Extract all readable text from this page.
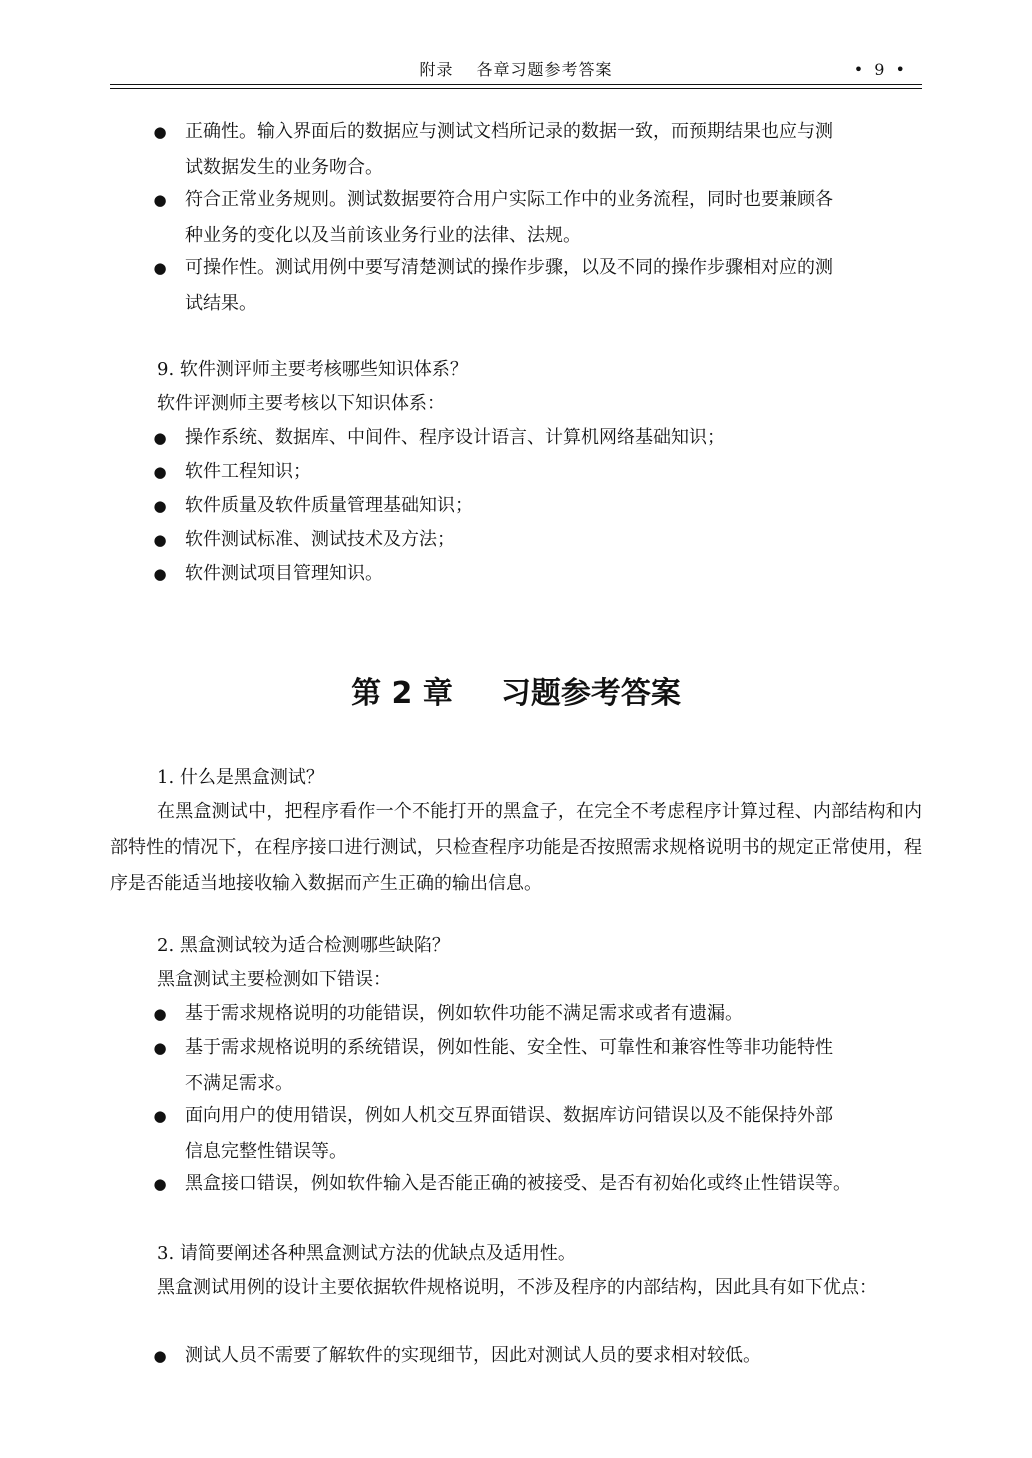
附录　 各章习题参考答案	• 9 •
● 正确性。输入界面后的数据应与测试文档所记录的数据一致，而预期结果也应与测
试数据发生的业务吻合。
● 符合正常业务规则。测试数据要符合用户实际工作中的业务流程，同时也要兼顾各
种业务的变化以及当前该业务行业的法律、法规。
● 可操作性。测试用例中要写清楚测试的操作步骤，以及不同的操作步骤相对应的测
试结果。
9. 软件测评师主要考核哪些知识体系？
软件评测师主要考核以下知识体系：
● 操作系统、数据库、中间件、程序设计语言、计算机网络基础知识；
● 软件工程知识；
● 软件质量及软件质量管理基础知识；
● 软件测试标准、测试技术及方法；
● 软件测试项目管理知识。
第 2 章 习题参考答案
1. 什么是黑盒测试？
在黑盒测试中，把程序看作一个不能打开的黑盒子，在完全不考虑程序计算过程、内部结构和内部特性的情况下，在程序接口进行测试，只检查程序功能是否按照需求规格说明书的规定正常使用，程序是否能适当地接收输入数据而产生正确的输出信息。
2. 黑盒测试较为适合检测哪些缺陷？
黑盒测试主要检测如下错误：
● 基于需求规格说明的功能错误，例如软件功能不满足需求或者有遗漏。
● 基于需求规格说明的系统错误，例如性能、安全性、可靠性和兼容性等非功能特性
不满足需求。
● 面向用户的使用错误，例如人机交互界面错误、数据库访问错误以及不能保持外部
信息完整性错误等。
● 黑盒接口错误，例如软件输入是否能正确的被接受、是否有初始化或终止性错误等。
3. 请简要阐述各种黑盒测试方法的优缺点及适用性。
黑盒测试用例的设计主要依据软件规格说明，不涉及程序的内部结构，因此具有如下优点：
● 测试人员不需要了解软件的实现细节，因此对测试人员的要求相对较低。
